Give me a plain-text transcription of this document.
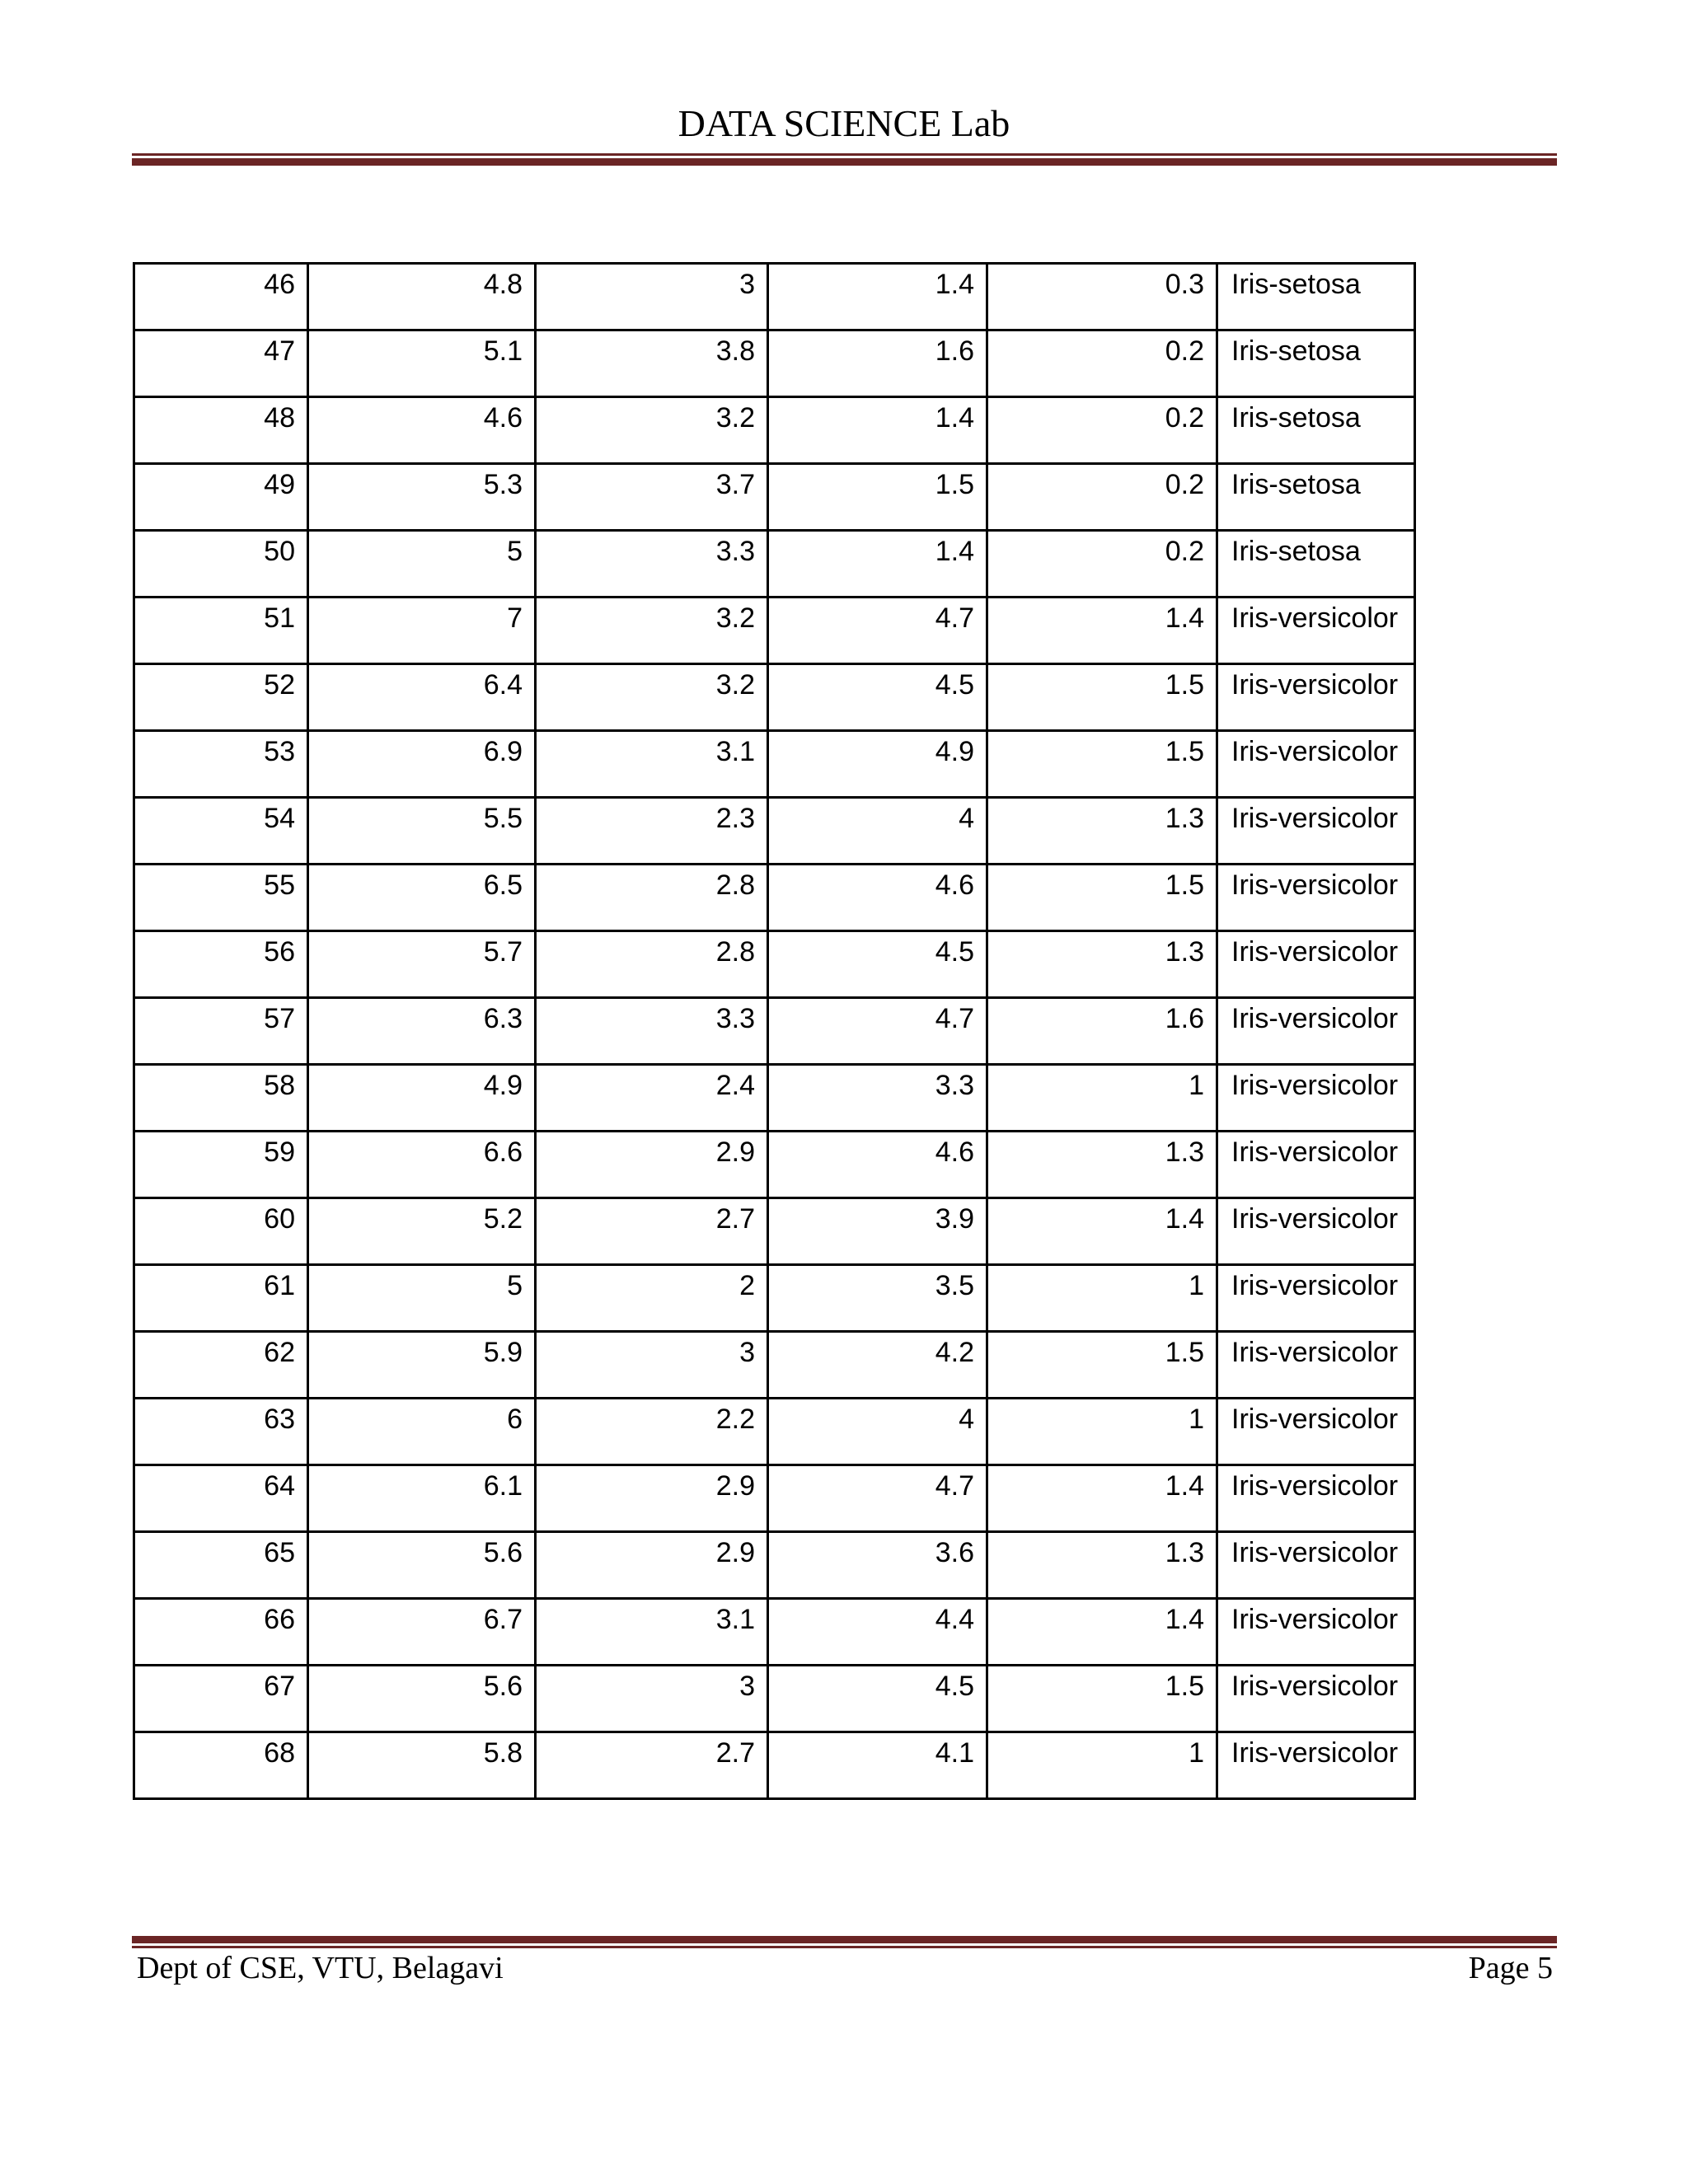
DATA SCIENCE Lab
46	4.8	3	1.4	0.3	Iris-setosa
47	5.1	3.8	1.6	0.2	Iris-setosa
48	4.6	3.2	1.4	0.2	Iris-setosa
49	5.3	3.7	1.5	0.2	Iris-setosa
50	5	3.3	1.4	0.2	Iris-setosa
51	7	3.2	4.7	1.4	Iris-versicolor
52	6.4	3.2	4.5	1.5	Iris-versicolor
53	6.9	3.1	4.9	1.5	Iris-versicolor
54	5.5	2.3	4	1.3	Iris-versicolor
55	6.5	2.8	4.6	1.5	Iris-versicolor
56	5.7	2.8	4.5	1.3	Iris-versicolor
57	6.3	3.3	4.7	1.6	Iris-versicolor
58	4.9	2.4	3.3	1	Iris-versicolor
59	6.6	2.9	4.6	1.3	Iris-versicolor
60	5.2	2.7	3.9	1.4	Iris-versicolor
61	5	2	3.5	1	Iris-versicolor
62	5.9	3	4.2	1.5	Iris-versicolor
63	6	2.2	4	1	Iris-versicolor
64	6.1	2.9	4.7	1.4	Iris-versicolor
65	5.6	2.9	3.6	1.3	Iris-versicolor
66	6.7	3.1	4.4	1.4	Iris-versicolor
67	5.6	3	4.5	1.5	Iris-versicolor
68	5.8	2.7	4.1	1	Iris-versicolor
Dept of CSE, VTU, Belagavi	Page 5
